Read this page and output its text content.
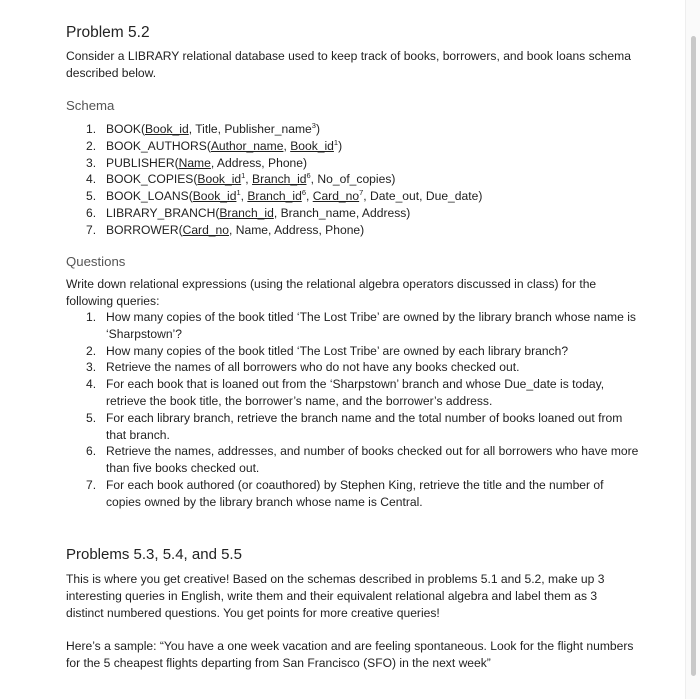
Problem 5.2
Consider a LIBRARY relational database used to keep track of books, borrowers, and book loans schema described below.
Schema
1. BOOK(Book_id, Title, Publisher_name$^3$)
2. BOOK_AUTHORS(Author_name, $Book\_id^1$)
3. PUBLISHER(Name, Address, Phone)
4. $BOOK\_COPIES(Book\_id^1$, $Branch\_id^6$, No_of_copies)
5. $BOOK\_LOANS(Book\_id^1$, $Branch\_id^6$, $Card\_no^7$, Date_out, Due_date)
6. LIBRARY_BRANCH(Branch_id, Branch_name, Address)
7. BORROWER(Card_no, Name, Address, Phone)
Questions
Write down relational expressions (using the relational algebra operators discussed in class) for the following queries:
1. How many copies of the book titled ‘The Lost Tribe’ are owned by the library branch whose name is ‘Sharpstown’?
2. How many copies of the book titled ‘The Lost Tribe’ are owned by each library branch?
3. Retrieve the names of all borrowers who do not have any books checked out.
4. For each book that is loaned out from the ‘Sharpstown’ branch and whose Due_date is today, retrieve the book title, the borrower’s name, and the borrower’s address.
5. For each library branch, retrieve the branch name and the total number of books loaned out from that branch.
6. Retrieve the names, addresses, and number of books checked out for all borrowers who have more than five books checked out.
7. For each book authored (or coauthored) by Stephen King, retrieve the title and the number of copies owned by the library branch whose name is Central.
Problems 5.3, 5.4, and 5.5
This is where you get creative! Based on the schemas described in problems 5.1 and 5.2, make up 3 interesting queries in English, write them and their equivalent relational algebra and label them as 3 distinct numbered questions. You get points for more creative queries!
Here’s a sample: “You have a one week vacation and are feeling spontaneous. Look for the flight numbers for the 5 cheapest flights departing from San Francisco (SFO) in the next week”
